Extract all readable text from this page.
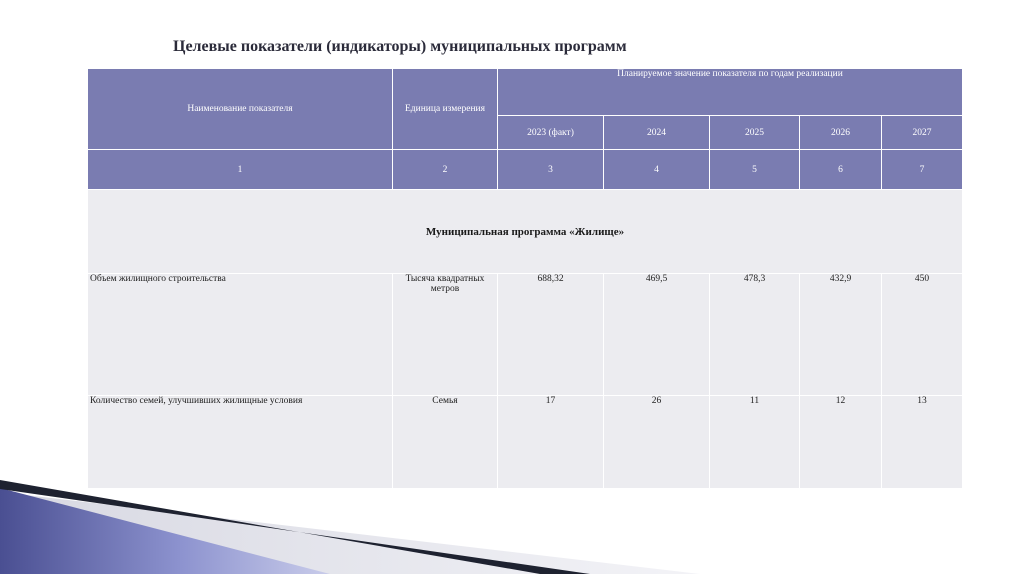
Целевые показатели (индикаторы) муниципальных программ
Наименование показателя	Единица измерения	Планируемое значение показателя по годам реализации				
		2023 (факт)	2024	2025	2026	2027
1	2	3	4	5	6	7
Муниципальная программа «Жилище»						
Объем жилищного строительства	Тысяча квадратных метров	688,32	469,5	478,3	432,9	450
Количество семей, улучшивших жилищные условия	Семья	17	26	11	12	13
